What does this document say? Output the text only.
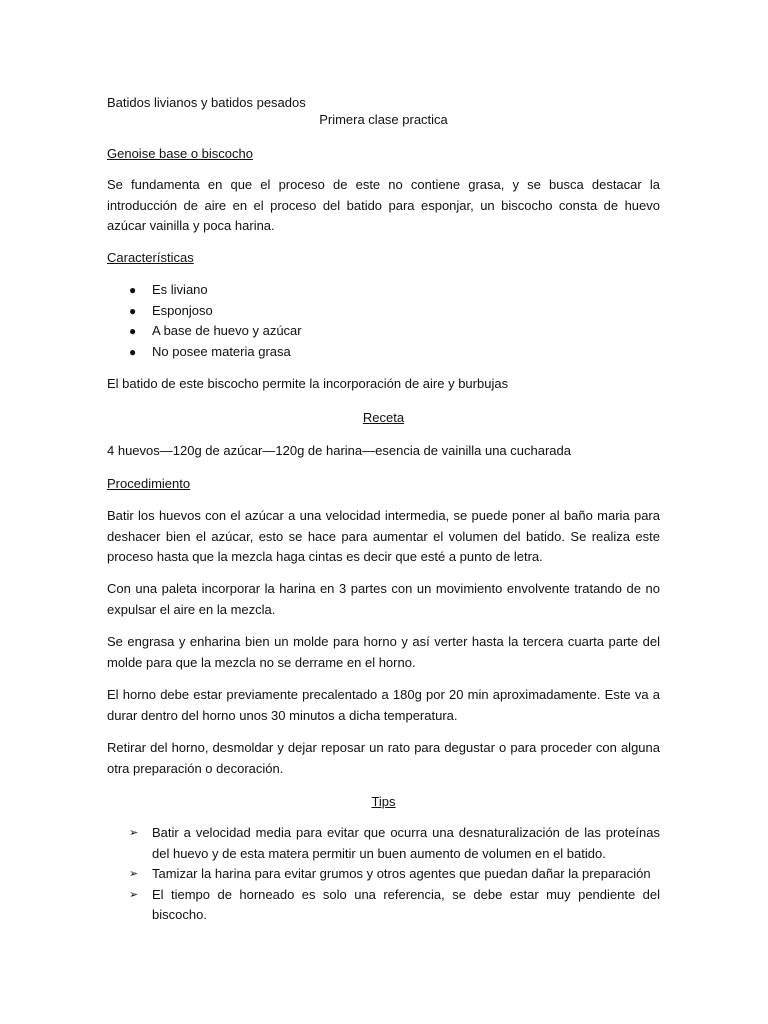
Batidos livianos y batidos pesados
Primera clase practica
Genoise base o biscocho
Se fundamenta en que el proceso de este no contiene grasa, y se busca destacar la introducción de aire en el proceso del batido para esponjar, un biscocho consta de huevo azúcar vainilla y poca harina.
Características
● Es liviano
● Esponjoso
● A base de huevo y azúcar
● No posee materia grasa
El batido de este biscocho permite la incorporación de aire y burbujas
Receta
4 huevos—120g de azúcar—120g de harina—esencia de vainilla una cucharada
Procedimiento
Batir los huevos con el azúcar a una velocidad intermedia, se puede poner al baño maria para deshacer bien el azúcar, esto se hace para aumentar el volumen del batido. Se realiza este proceso hasta que la mezcla haga cintas es decir que esté a punto de letra.
Con una paleta incorporar la harina en 3 partes con un movimiento envolvente tratando de no expulsar el aire en la mezcla.
Se engrasa y enharina bien un molde para horno y así verter hasta la tercera cuarta parte del molde para que la mezcla no se derrame en el horno.
El horno debe estar previamente precalentado a 180g por 20 min aproximadamente. Este va a durar dentro del horno unos 30 minutos a dicha temperatura.
Retirar del horno, desmoldar y dejar reposar un rato para degustar o para proceder con alguna otra preparación o decoración.
Tips
➢ Batir a velocidad media para evitar que ocurra una desnaturalización de las proteínas del huevo y de esta matera permitir un buen aumento de volumen en el batido.
➢ Tamizar la harina para evitar grumos y otros agentes que puedan dañar la preparación
➢ El tiempo de horneado es solo una referencia, se debe estar muy pendiente del biscocho.
